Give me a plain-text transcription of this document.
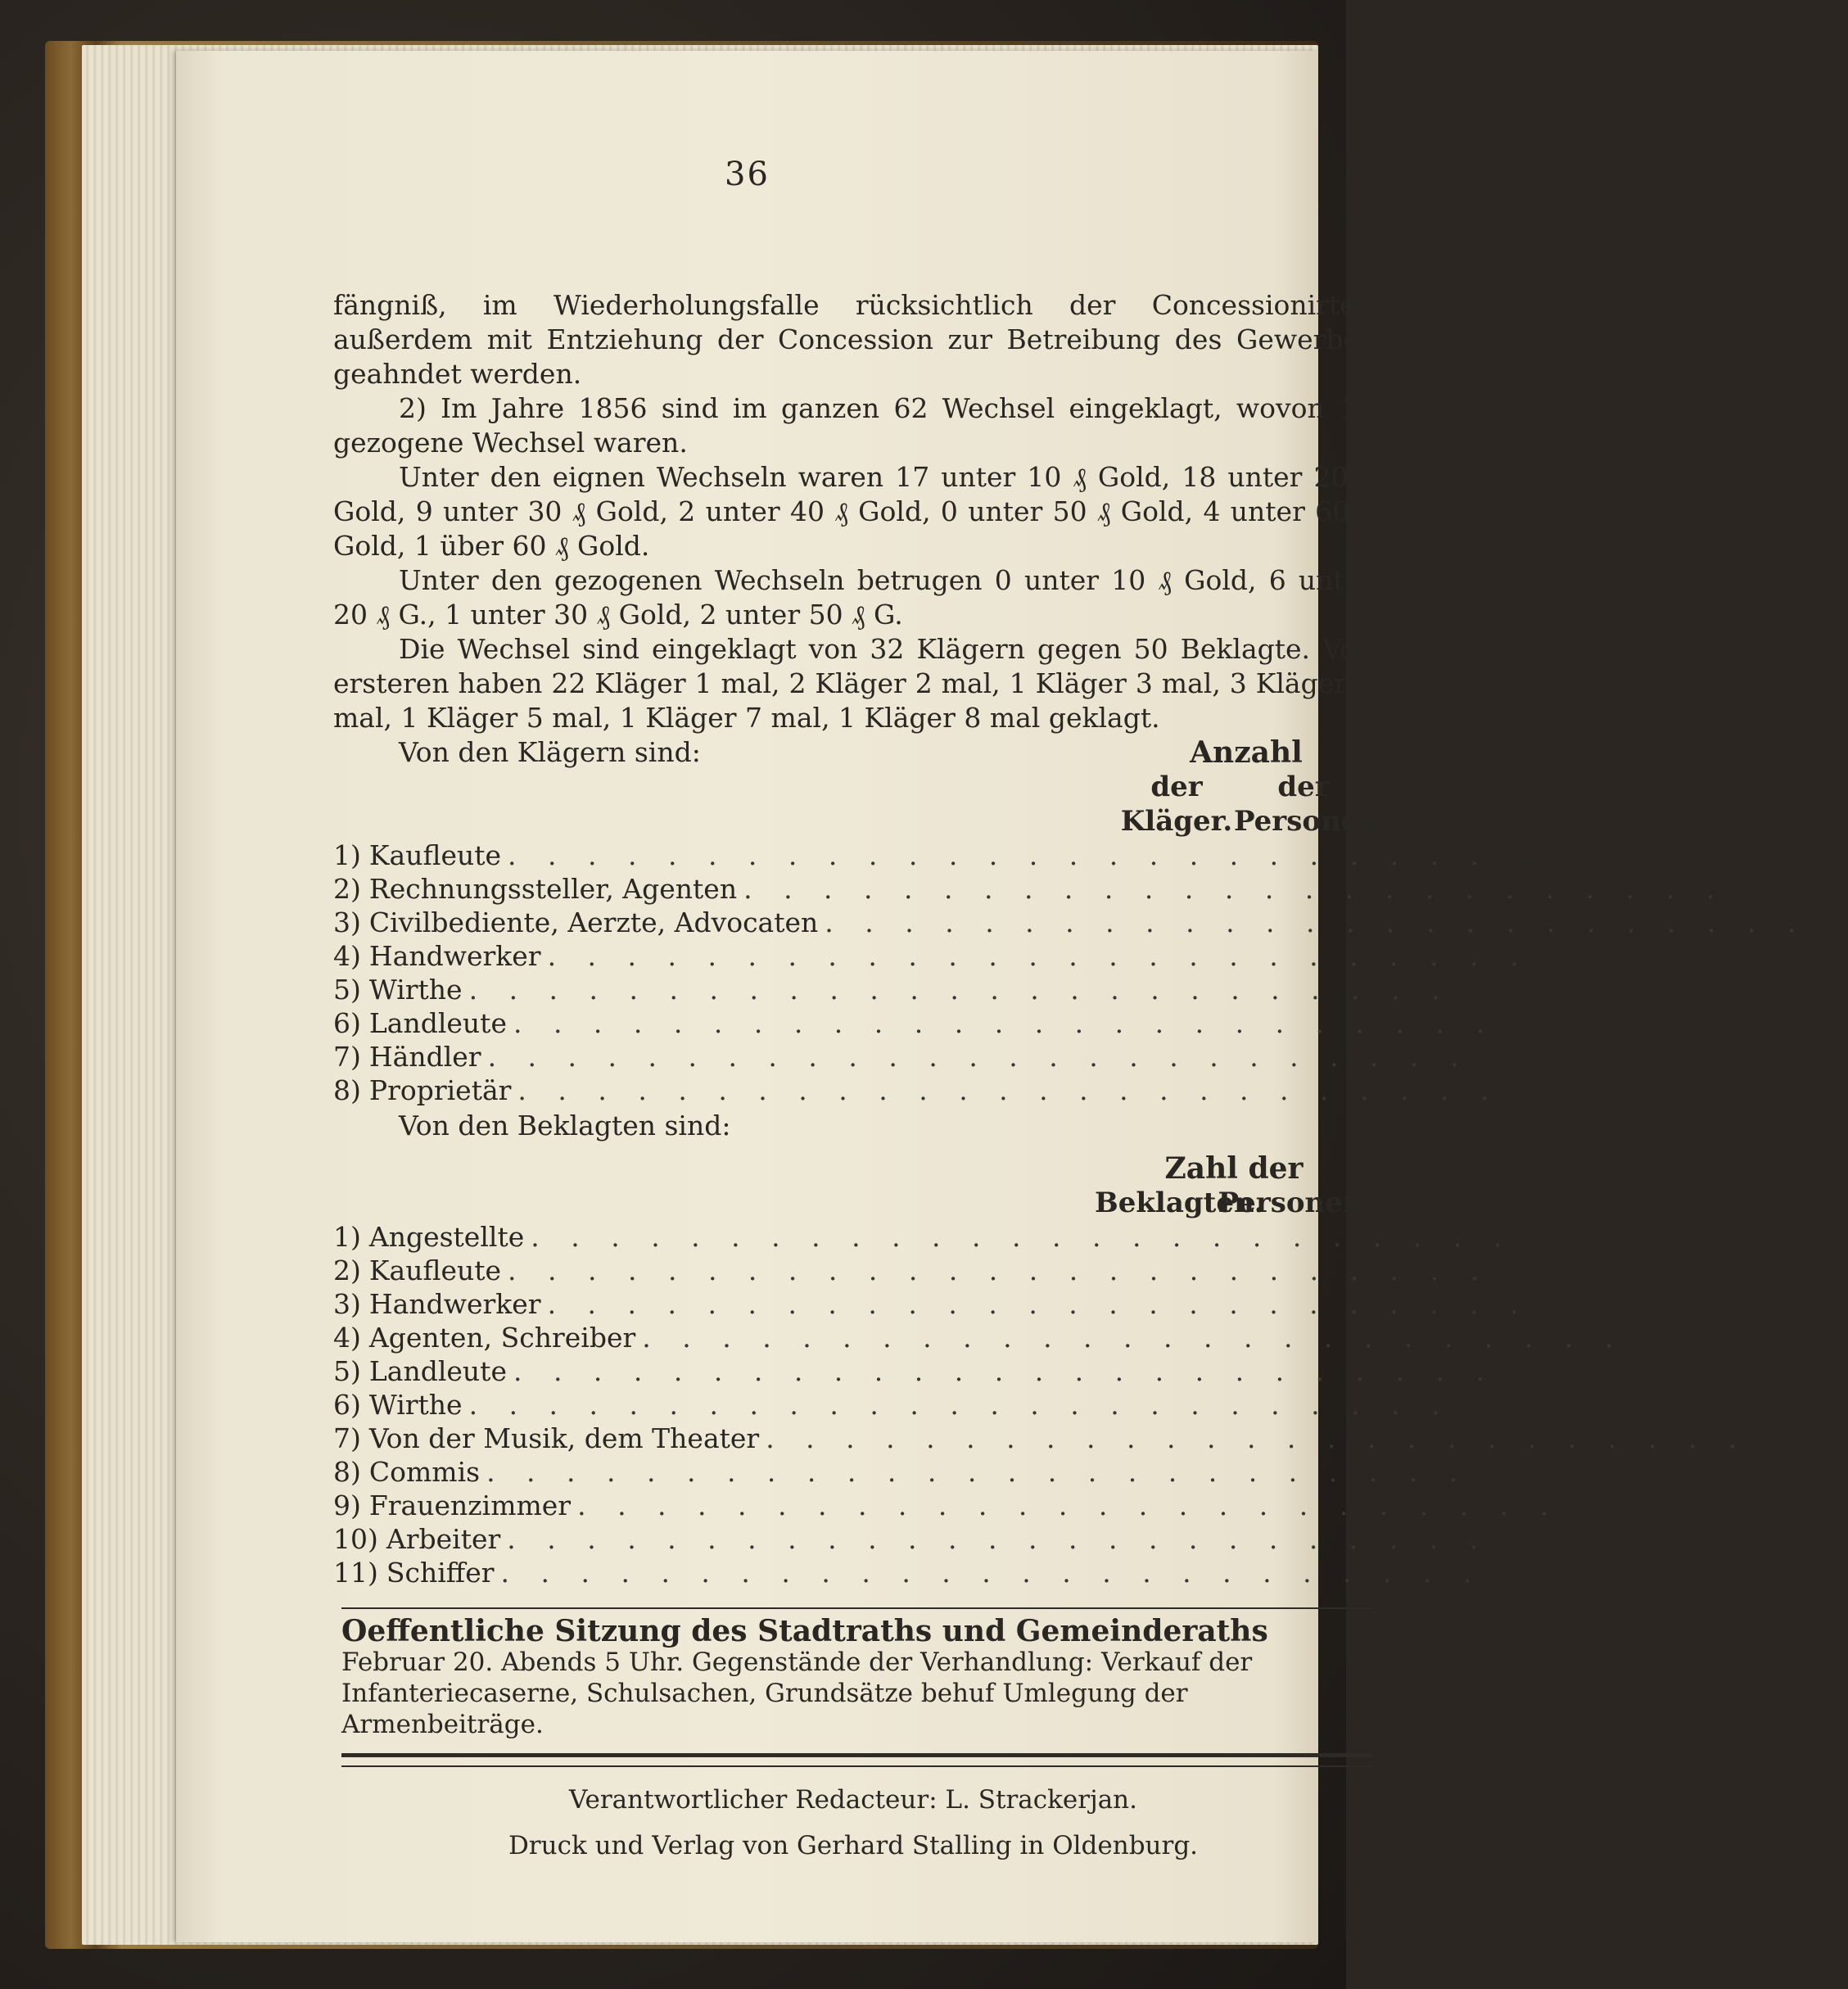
36

fängniß, im Wiederholungsfalle rücksichtlich der Concessionirten außerdem mit Entziehung der Concession zur Betreibung des Gewerbes geahndet werden.

2) Im Jahre 1856 sind im ganzen 62 Wechsel eingeklagt, wovon 11 gezogene Wechsel waren.

Unter den eignen Wechseln waren 17 unter 10 ₰ Gold, 18 unter 20 ₰ Gold, 9 unter 30 ₰ Gold, 2 unter 40 ₰ Gold, 0 unter 50 ₰ Gold, 4 unter 60 ₰ Gold, 1 über 60 ₰ Gold.

Unter den gezogenen Wechseln betrugen 0 unter 10 ₰ Gold, 6 unter 20 ₰ G., 1 unter 30 ₰ Gold, 2 unter 50 ₰ G.

Die Wechsel sind eingeklagt von 32 Klägern gegen 50 Beklagte. Von ersteren haben 22 Kläger 1 mal, 2 Kläger 2 mal, 1 Kläger 3 mal, 3 Kläger 4 mal, 1 Kläger 5 mal, 1 Kläger 7 mal, 1 Kläger 8 mal geklagt.

Von den Klägern sind:	Anzahl
der Kläger.
der Personen.
1) Kaufleute . . . . . . . . . . . . . . . . . . . . . . . . . 34 15
2) Rechnungssteller, Agenten . . . . . . . . . . . . . . . . . . . . . . . . . 15 5
3) Civilbediente, Aerzte, Advocaten . . . . . . . . . . . . . . . . . . . . . . . . . 5 4
4) Handwerker . . . . . . . . . . . . . . . . . . . . . . . . . 2 2
5) Wirthe . . . . . . . . . . . . . . . . . . . . . . . . . 1 1
6) Landleute . . . . . . . . . . . . . . . . . . . . . . . . . 3 3
7) Händler . . . . . . . . . . . . . . . . . . . . . . . . . 1 1
8) Proprietär . . . . . . . . . . . . . . . . . . . . . . . . . 1 1
Von den Beklagten sind:
Zahl der
Beklagten.
Personen.
1) Angestellte . . . . . . . . . . . . . . . . . . . . . . . . . 8 7
2) Kaufleute . . . . . . . . . . . . . . . . . . . . . . . . . 4 3
3) Handwerker . . . . . . . . . . . . . . . . . . . . . . . . . 19 14
4) Agenten, Schreiber . . . . . . . . . . . . . . . . . . . . . . . . . 2 2
5) Landleute . . . . . . . . . . . . . . . . . . . . . . . . . 10 9
6) Wirthe . . . . . . . . . . . . . . . . . . . . . . . . . 6 3
7) Von der Musik, dem Theater . . . . . . . . . . . . . . . . . . . . . . . . . 6 6
8) Commis . . . . . . . . . . . . . . . . . . . . . . . . . 1 1
9) Frauenzimmer . . . . . . . . . . . . . . . . . . . . . . . . . 1 1
10) Arbeiter . . . . . . . . . . . . . . . . . . . . . . . . . 4 3
11) Schiffer . . . . . . . . . . . . . . . . . . . . . . . . . 1 1
Oeffentliche Sitzung des Stadtraths und Gemeinderaths
Februar 20. Abends 5 Uhr. Gegenstände der Verhandlung: Verkauf der Infanteriecaserne, Schulsachen, Grundsätze behuf Umlegung der Armenbeiträge.
Verantwortlicher Redacteur: L. Strackerjan.
Druck und Verlag von Gerhard Stalling in Oldenburg.
